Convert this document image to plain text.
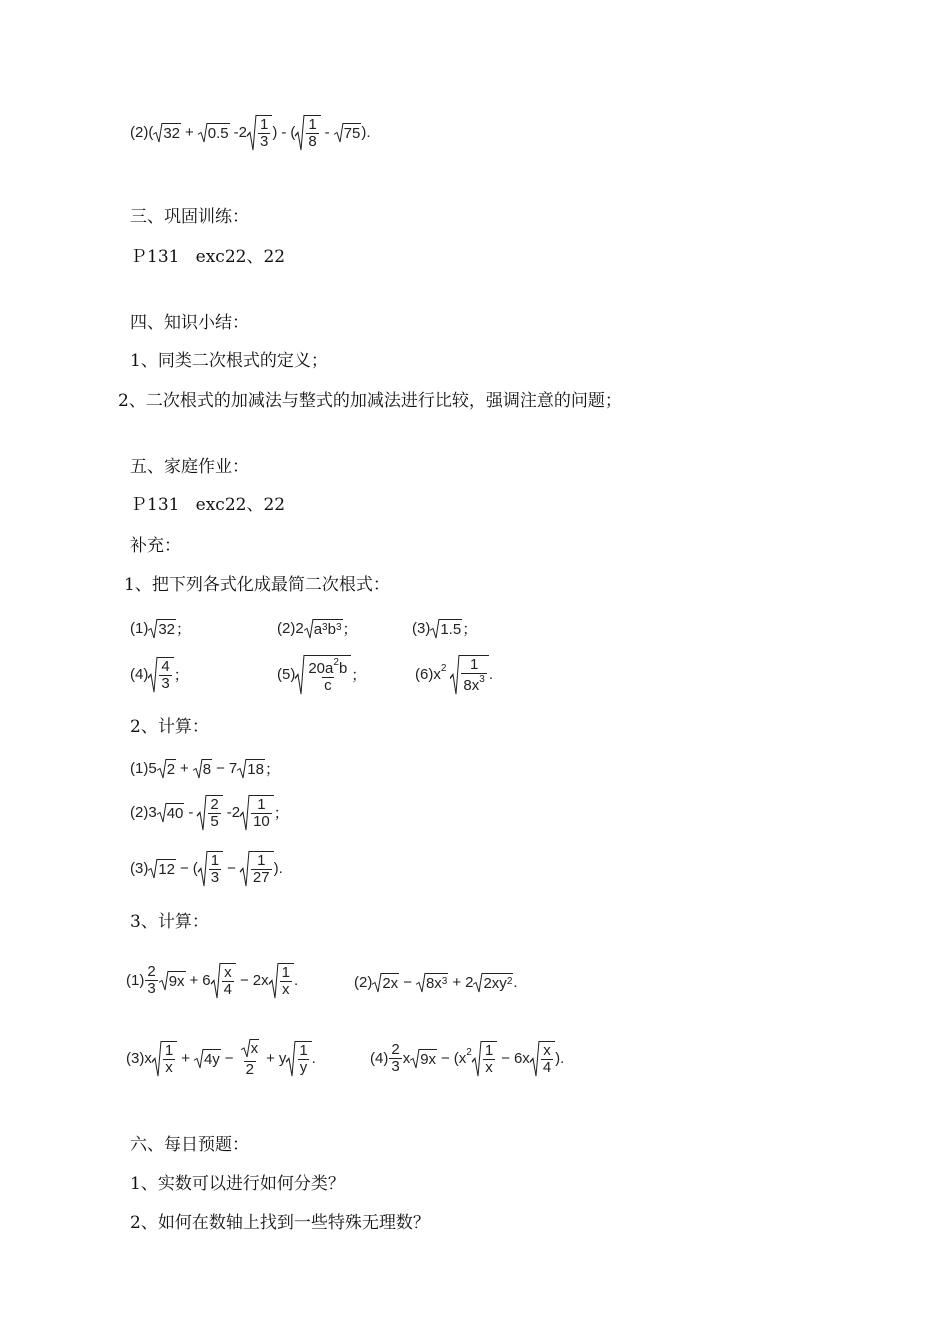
(2)( $32 + 0.5 - 2 \frac{1}{3}$ ) - ( $\frac{1}{8} - 75$ ).
三、巩固训练：
Ｐ131   exc22、22
四、知识小结：
1、同类二次根式的定义；
2、二次根式的加减法与整式的加减法进行比较，强调注意的问题；
五、家庭作业：
Ｐ131   exc22、22
补充：
1、把下列各式化成最简二次根式：
(1) 32 ；	(2)2 $a^3$ $b^3$ ；	(3) 1.5 ；
$(4) \frac{4}{3}$ ；	$(5) \frac{20a^2b}{c}$ ；	$(6)x^2 \frac{1}{8x^3}$ .
2、计算：
(1)5 2 + 8 − 7 18 ；
(2)3 $40 - \frac{2}{5} - 2 \frac{1}{10}$ ；
(3) 12 − ( $\frac{1}{3} - \frac{1}{27}$ ).
3、计算：
$(1) \frac{2}{3} 9x + 6 \frac{x}{4} - 2x \frac{1}{x}$ .	(2) $2x - 8x^3 + 2$ $2xy^2$ .
$(3)x \frac{1}{x} + 4y - \frac{x}{2} + y \frac{1}{y}$ .	$(4) \frac{2}{3}$ x $9x - (x^2 \frac{1}{x} - 6x \frac{x}{4}$ ).
六、每日预题：
1、实数可以进行如何分类？
2、如何在数轴上找到一些特殊无理数？
